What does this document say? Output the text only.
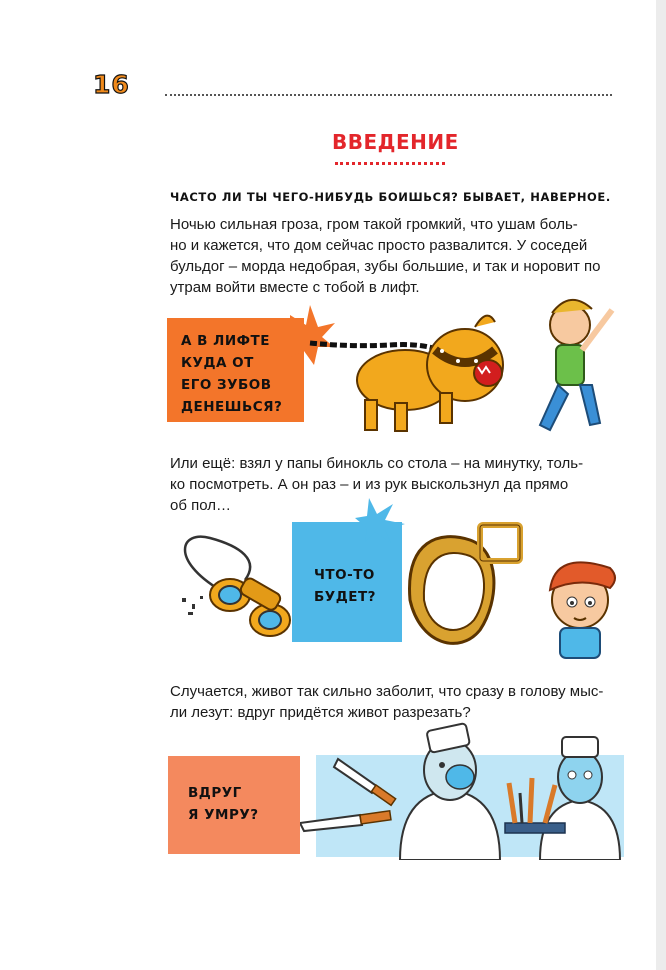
16
ВВЕДЕНИЕ
ЧАСТО ЛИ ТЫ ЧЕГО-НИБУДЬ БОИШЬСЯ? БЫВАЕТ, НАВЕРНОЕ.
Ночью сильная гроза, гром такой громкий, что ушам боль-
но и кажется, что дом сейчас просто развалится. У соседей
бульдог – морда недобрая, зубы большие, и так и норовит по
утрам войти вместе с тобой в лифт.
А В ЛИФТЕ
КУДА ОТ
ЕГО ЗУБОВ
ДЕНЕШЬСЯ?
Или ещё: взял у папы бинокль со стола – на минутку, толь-
ко посмотреть. А он раз – и из рук выскользнул да прямо
об пол…
ЧТО-ТО
БУДЕТ?
Случается, живот так сильно заболит, что сразу в голову мыс-
ли лезут: вдруг придётся живот разрезать?
ВДРУГ
Я УМРУ?
